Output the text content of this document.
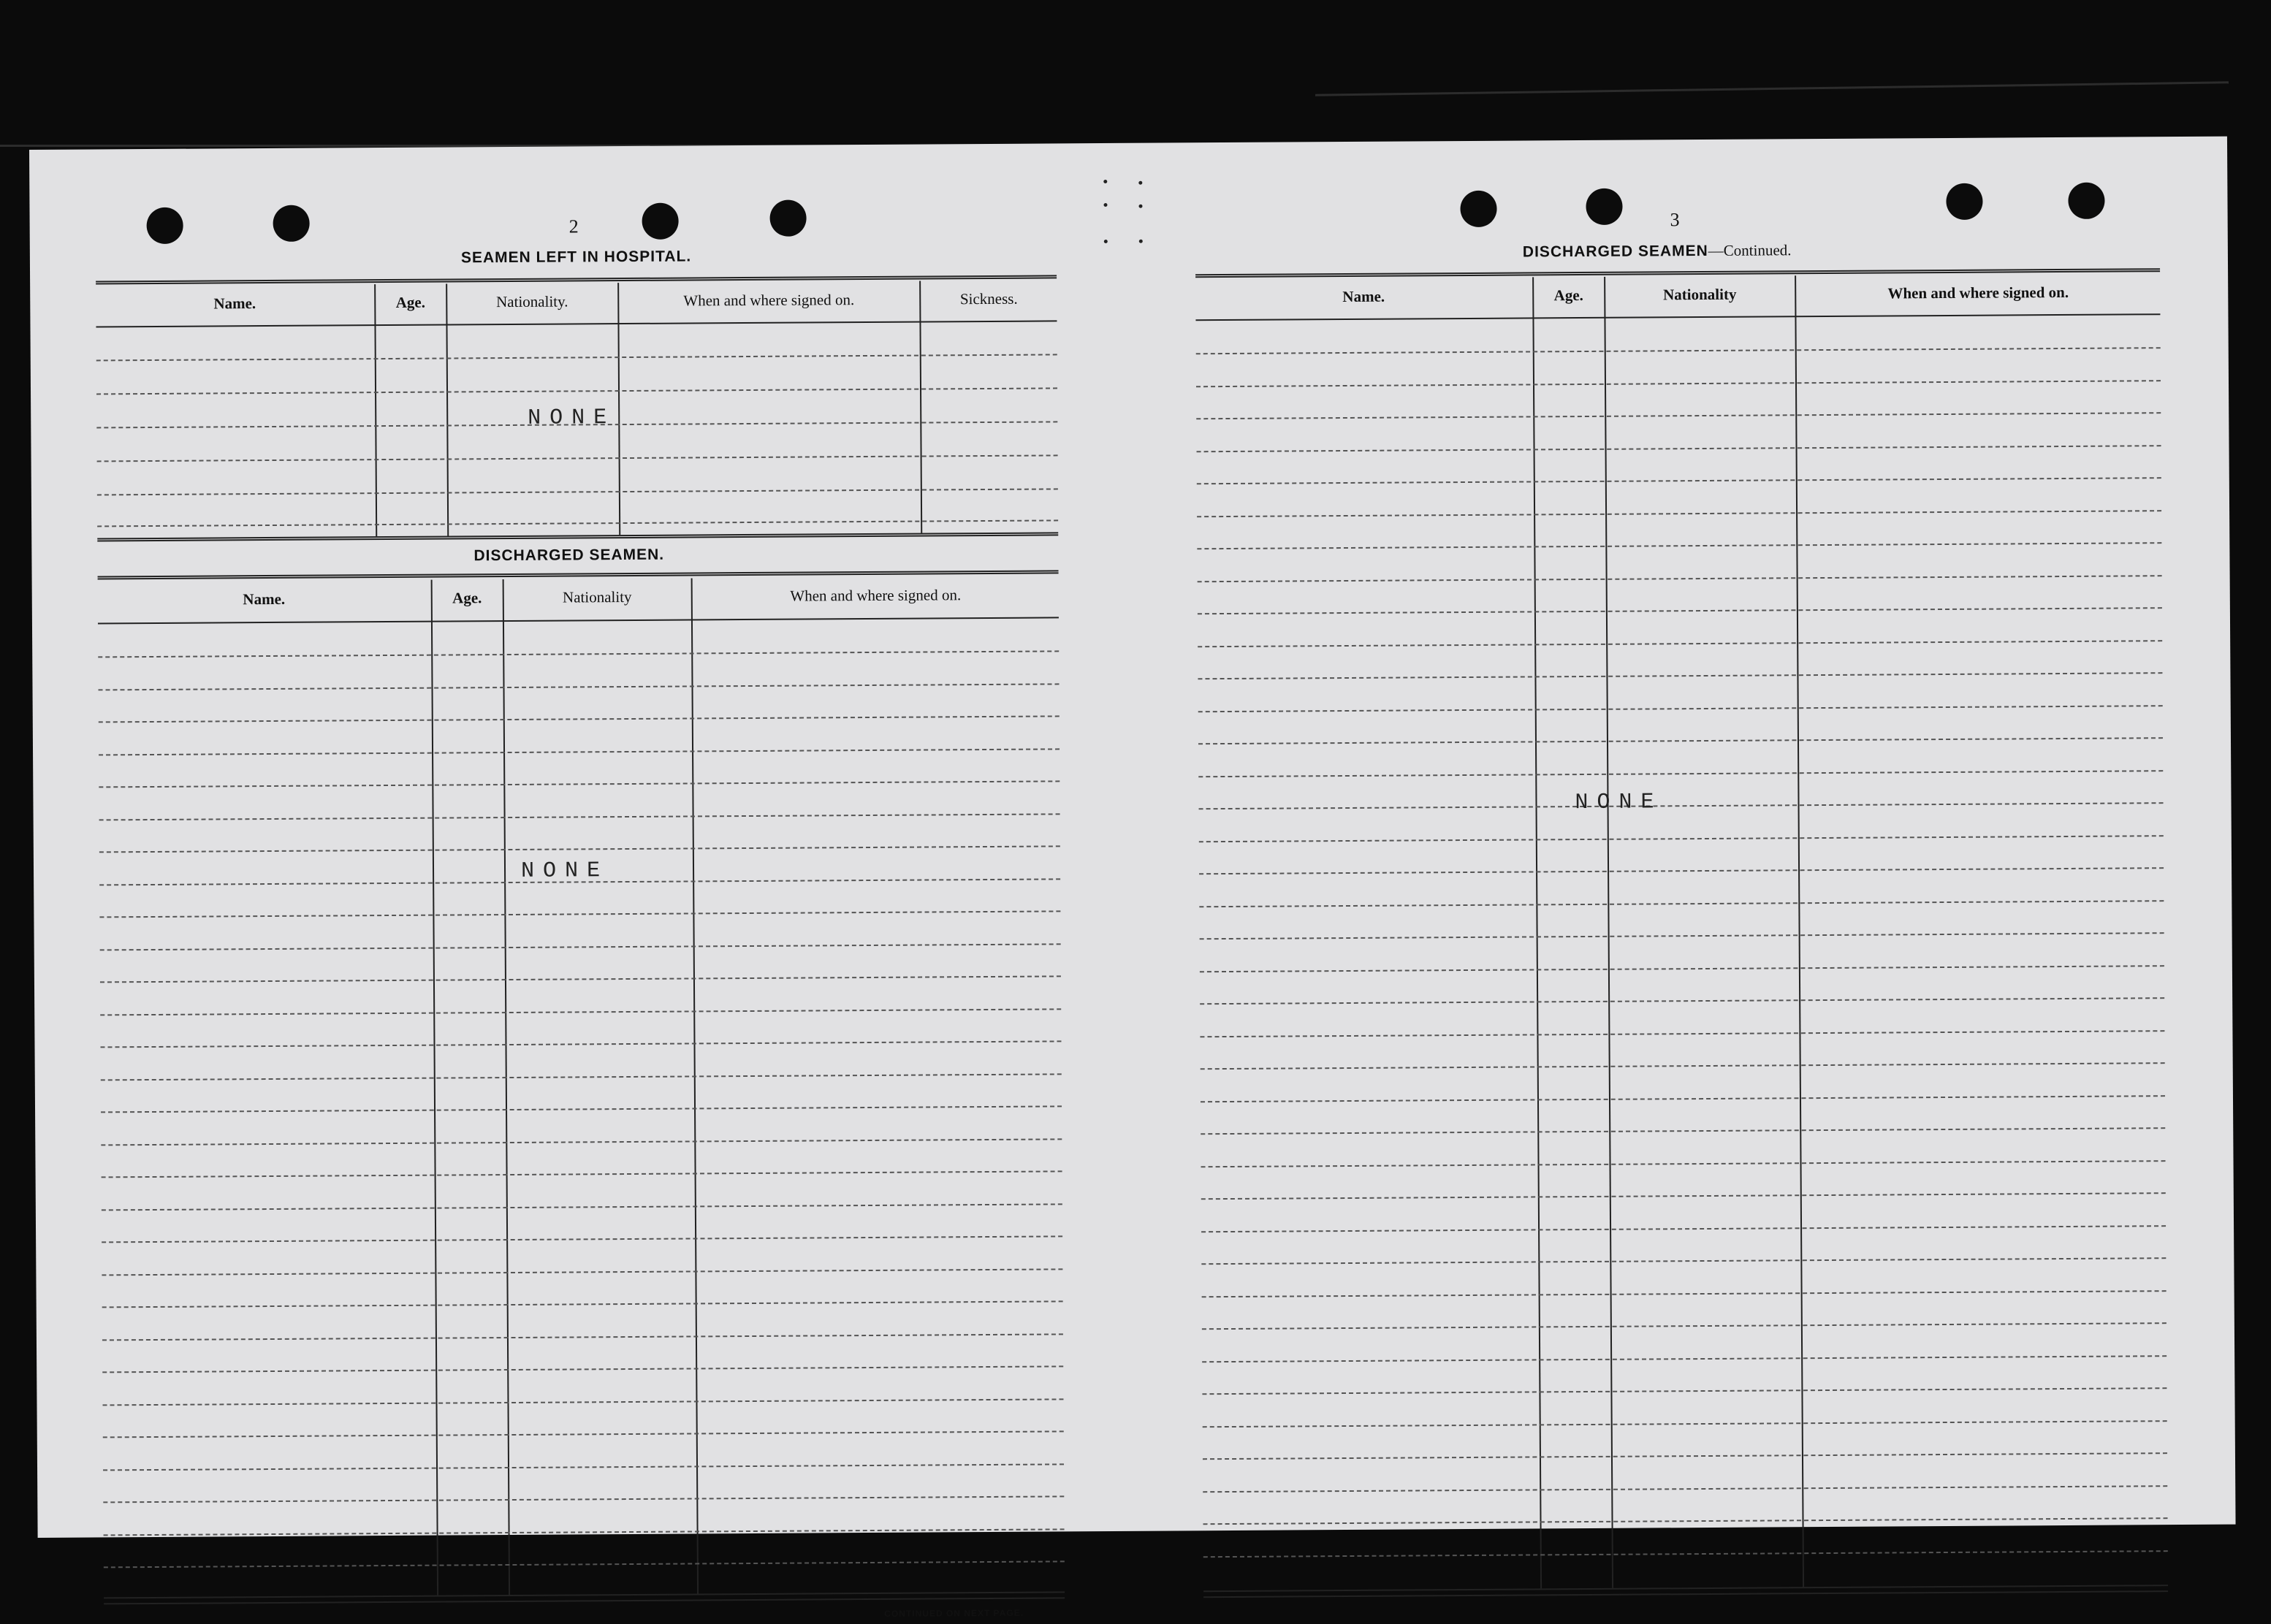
2
SEAMEN LEFT IN HOSPITAL.
Name.	Age.	Nationality.	When and where signed on.	Sickness.
NONE
DISCHARGED SEAMEN.
Name.	Age.	Nationality	When and where signed on.
NONE
CONTINUED ON NEXT PAGE.
3
DISCHARGED SEAMEN—Continued.
Name.	Age.	Nationality	When and where signed on.
NONE
